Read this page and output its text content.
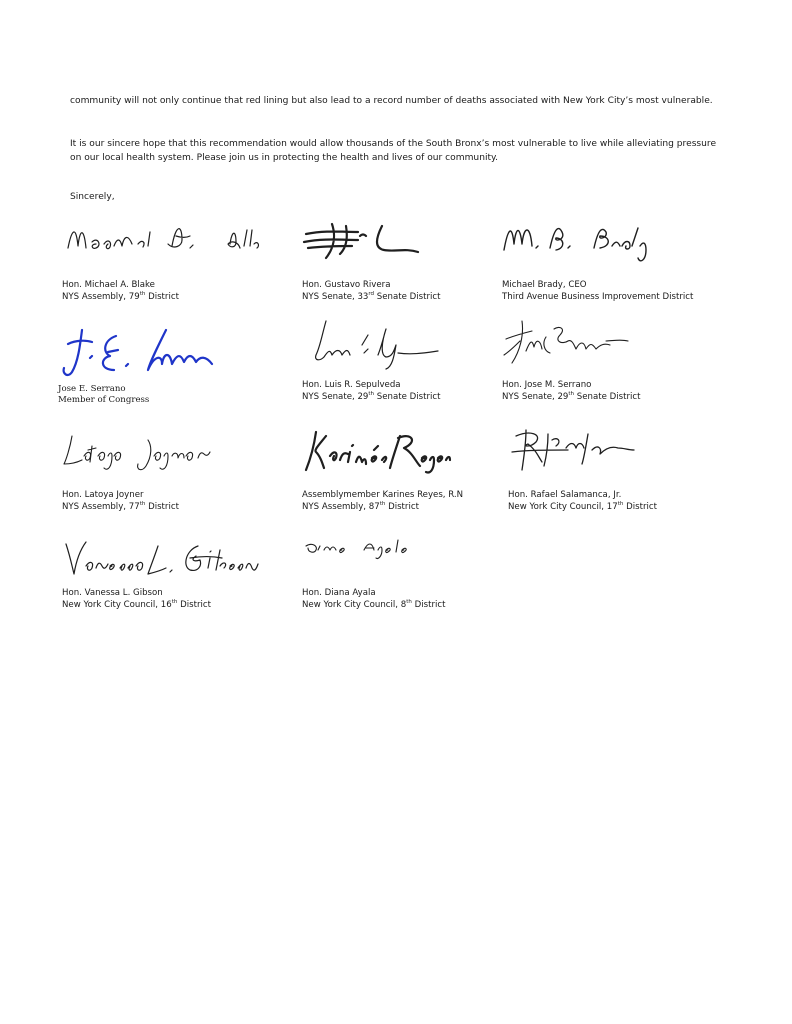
community will not only continue that red lining but also lead to a record number of deaths associated with New York City’s most vulnerable.

It is our sincere hope that this recommendation would allow thousands of the South Bronx’s most vulnerable to live while alleviating pressure on our local health system. Please join us in protecting the health and lives of our community.

Sincerely,

Hon. Michael A. Blake
NYS Assembly, 79th District
Hon. Gustavo Rivera
NYS Senate, 33rd Senate District
Michael Brady, CEO
Third Avenue Business Improvement District
Jose E. Serrano
Member of Congress
Hon. Luis R. Sepulveda
NYS Senate, 29th Senate District
Hon. Jose M. Serrano
NYS Senate, 29th Senate District
Hon. Latoya Joyner
NYS Assembly, 77th District
Assemblymember Karines Reyes, R.N
NYS Assembly, 87th District
Hon. Rafael Salamanca, Jr.
New York City Council, 17th District
Hon. Vanessa L. Gibson
New York City Council, 16th District
Hon. Diana Ayala
New York City Council, 8th District
